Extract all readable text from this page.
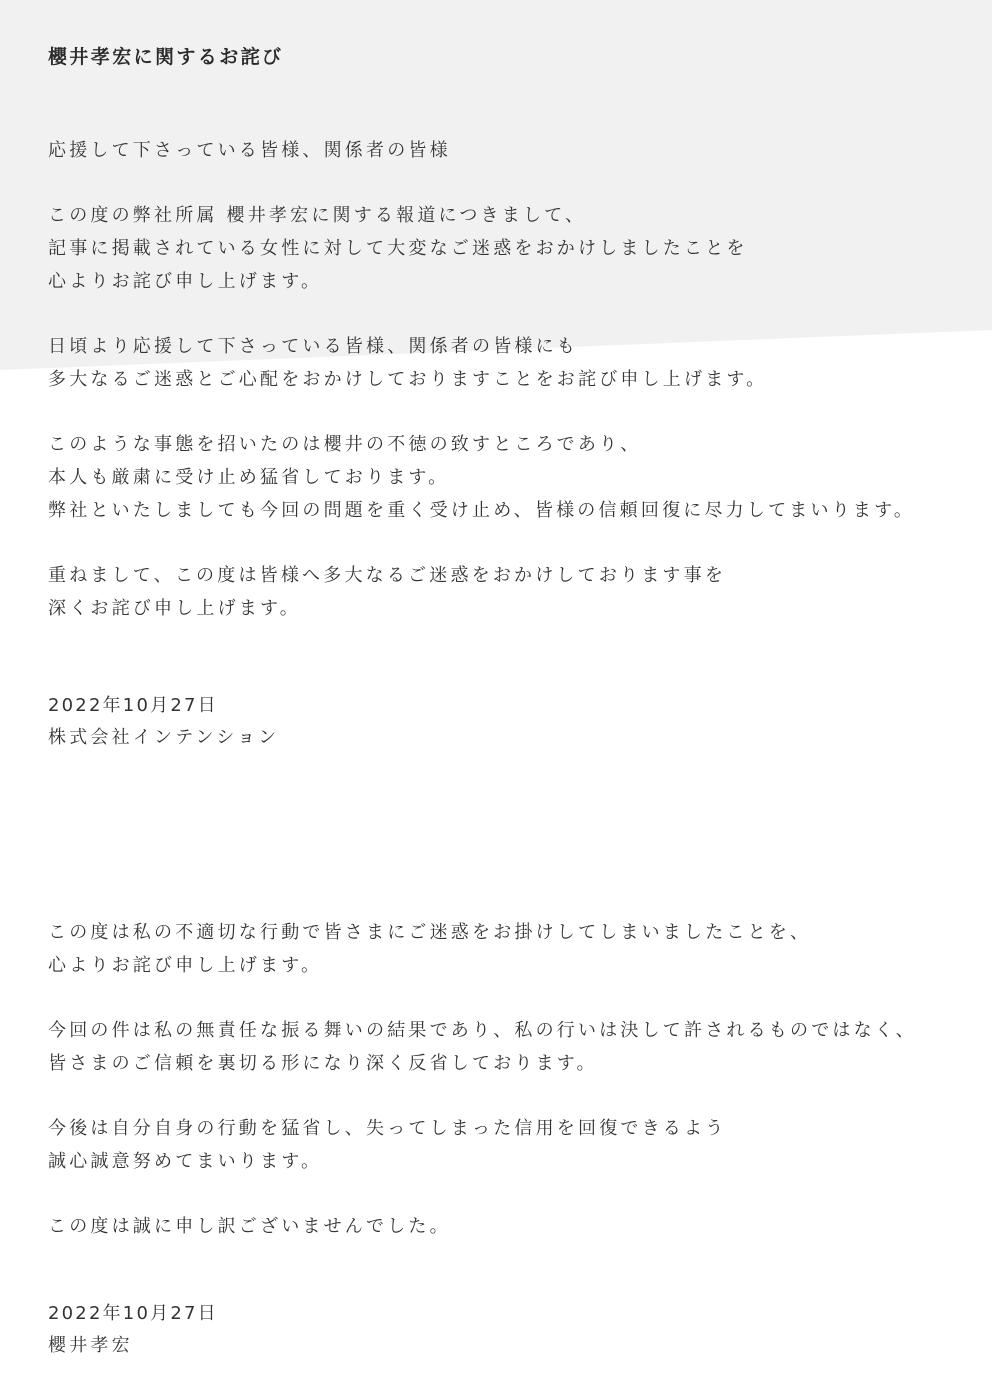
櫻井孝宏に関するお詫び

応援して下さっている皆様、関係者の皆様

この度の弊社所属 櫻井孝宏に関する報道につきまして、
記事に掲載されている女性に対して大変なご迷惑をおかけしましたことを
心よりお詫び申し上げます。

日頃より応援して下さっている皆様、関係者の皆様にも
多大なるご迷惑とご心配をおかけしておりますことをお詫び申し上げます。

このような事態を招いたのは櫻井の不徳の致すところであり、
本人も厳粛に受け止め猛省しております。
弊社といたしましても今回の問題を重く受け止め、皆様の信頼回復に尽力してまいります。

重ねまして、この度は皆様へ多大なるご迷惑をおかけしております事を
深くお詫び申し上げます。

2022年10月27日
株式会社インテンション

この度は私の不適切な行動で皆さまにご迷惑をお掛けしてしまいましたことを、
心よりお詫び申し上げます。

今回の件は私の無責任な振る舞いの結果であり、私の行いは決して許されるものではなく、
皆さまのご信頼を裏切る形になり深く反省しております。

今後は自分自身の行動を猛省し、失ってしまった信用を回復できるよう
誠心誠意努めてまいります。

この度は誠に申し訳ございませんでした。

2022年10月27日
櫻井孝宏
